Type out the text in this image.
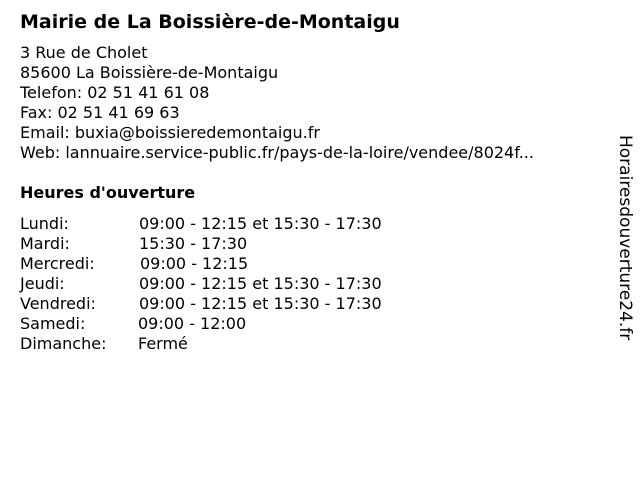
Mairie de La Boissière-de-Montaigu
3 Rue de Cholet
85600 La Boissière-de-Montaigu
Telefon: 02 51 41 61 08
Fax: 02 51 41 69 63
Email: buxia@boissieredemontaigu.fr
Web: lannuaire.service-public.fr/pays-de-la-loire/vendee/8024f...
Heures d'ouverture
Lundi:	09:00 - 12:15 et 15:30 - 17:30
Mardi:	15:30 - 17:30
Mercredi:	09:00 - 12:15
Jeudi:	09:00 - 12:15 et 15:30 - 17:30
Vendredi:	09:00 - 12:15 et 15:30 - 17:30
Samedi:	09:00 - 12:00
Dimanche: Fermé
Horairesdouverture24.fr
